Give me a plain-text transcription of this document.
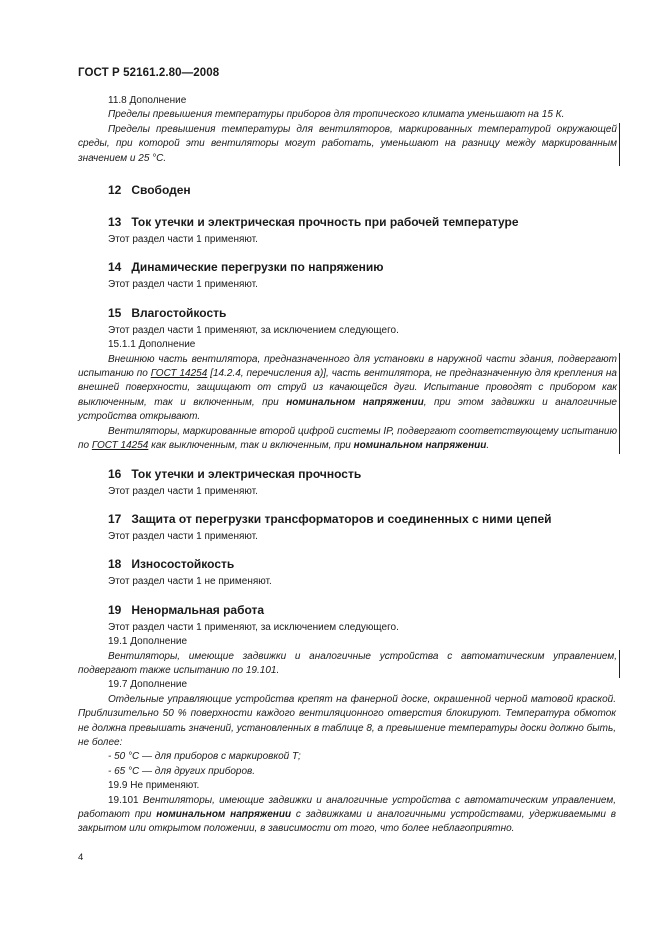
ГОСТ Р 52161.2.80—2008

11.8 Дополнение

Пределы превышения температуры приборов для тропического климата уменьшают на 15 К.

Пределы превышения температуры для вентиляторов, маркированных температурой окружающей среды, при которой эти вентиляторы могут работать, уменьшают на разницу между маркированным значением и 25 °С.

12 Свободен
13 Ток утечки и электрическая прочность при рабочей температуре

Этот раздел части 1 применяют.

14 Динамические перегрузки по напряжению

Этот раздел части 1 применяют.

15 Влагостойкость

Этот раздел части 1 применяют, за исключением следующего.

15.1.1 Дополнение

Внешнюю часть вентилятора, предназначенного для установки в наружной части здания, подвергают испытанию по ГОСТ 14254 [14.2.4, перечисления а)], часть вентилятора, не предназначенную для крепления на внешней поверхности, защищают от струй из качающейся дуги. Испытание проводят с прибором как выключенным, так и включенным, при номинальном напряжении, при этом задвижки и аналогичные устройства открывают.

Вентиляторы, маркированные второй цифрой системы IP, подвергают соответствующему испытанию по ГОСТ 14254 как выключенным, так и включенным, при номинальном напряжении.

16 Ток утечки и электрическая прочность

Этот раздел части 1 применяют.

17 Защита от перегрузки трансформаторов и соединенных с ними цепей

Этот раздел части 1 применяют.

18 Износостойкость

Этот раздел части 1 не применяют.

19 Ненормальная работа

Этот раздел части 1 применяют, за исключением следующего.

19.1 Дополнение

Вентиляторы, имеющие задвижки и аналогичные устройства с автоматическим управлением, подвергают также испытанию по 19.101.

19.7 Дополнение

Отдельные управляющие устройства крепят на фанерной доске, окрашенной черной матовой краской. Приблизительно 50 % поверхности каждого вентиляционного отверстия блокируют. Температура обмоток не должна превышать значений, установленных в таблице 8, а превышение температуры доски должно быть, не более:

- 50 °С — для приборов с маркировкой Т;

- 65 °С — для других приборов.

19.9 Не применяют.

19.101 Вентиляторы, имеющие задвижки и аналогичные устройства с автоматическим управлением, работают при номинальном напряжении с задвижками и аналогичными устройствами, удерживаемыми в закрытом или открытом положении, в зависимости от того, что более неблагоприятно.

4
